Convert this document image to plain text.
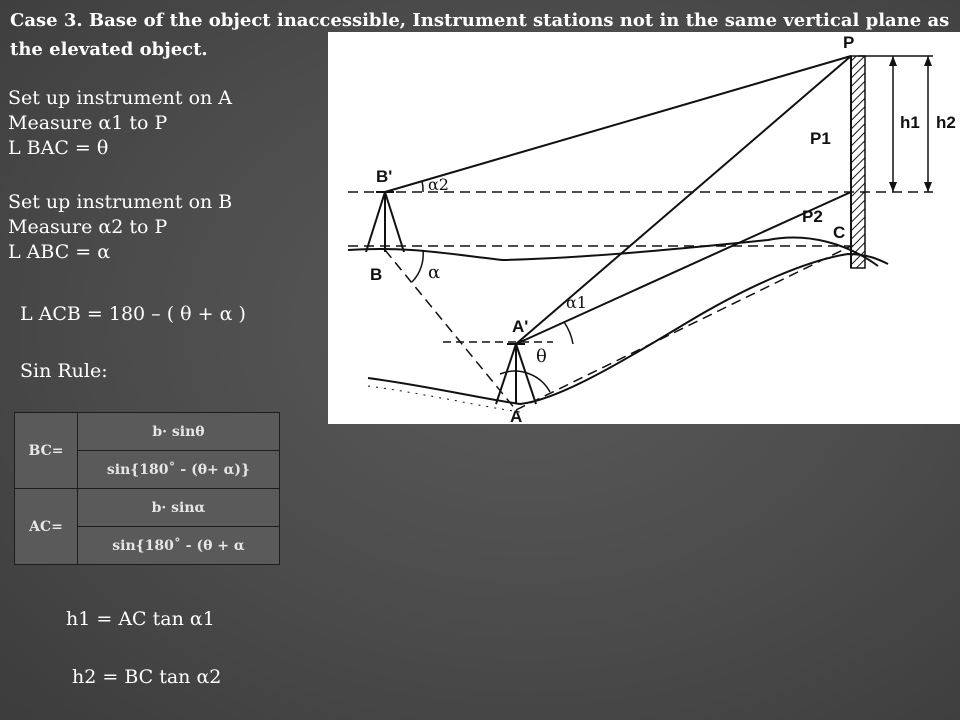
Case 3. Base of the object inaccessible, Instrument stations not in the same vertical plane as the elevated object.
Set up instrument on A
Measure α1 to P
L BAC = θ
Set up instrument on B
Measure α2 to P
L ABC = α
L ACB = 180 – ( θ + α )
Sin Rule:
BC=	b· sinθ
	sin{180˚ - (θ+ α)}
AC=	b· sinα
	sin{180˚ - (θ + α
h1 = AC tan α1
h2 = BC tan α2
P
P1
P2
C
B'
B
A'
A
h1 h2
α2
α1
α
θ
